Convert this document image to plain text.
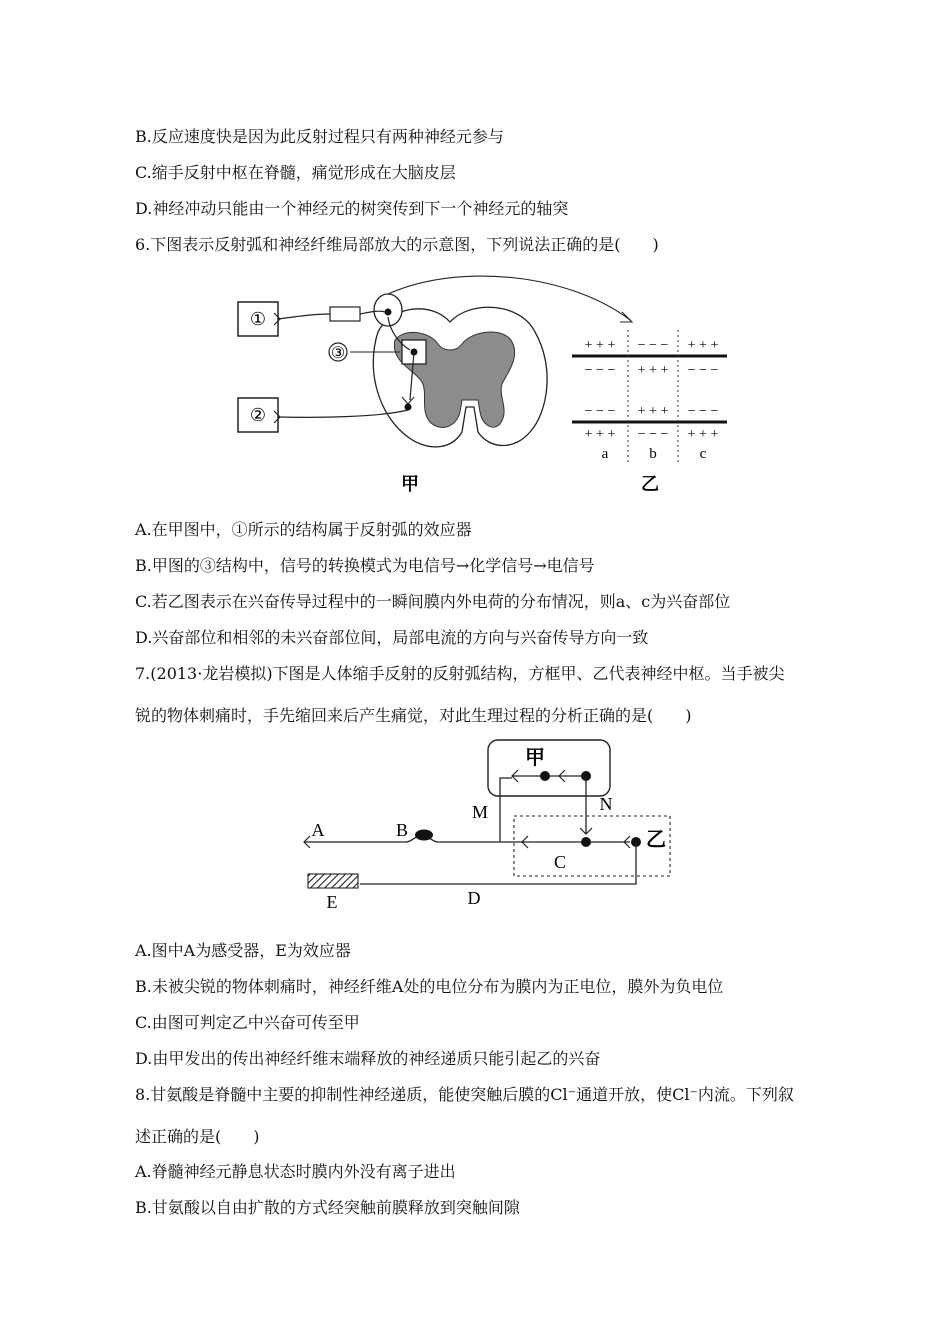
B.反应速度快是因为此反射过程只有两种神经元参与
C.缩手反射中枢在脊髓，痛觉形成在大脑皮层
D.神经冲动只能由一个神经元的树突传到下一个神经元的轴突
6.下图表示反射弧和神经纤维局部放大的示意图，下列说法正确的是(　　)
①
②
③	+ + + − − − + + +
− − − + + + − − −
− − − + + + − − −
+ + + − − − + + +
a	b	c
甲	乙
A.在甲图中，①所示的结构属于反射弧的效应器
B.甲图的③结构中，信号的转换模式为电信号→化学信号→电信号
C.若乙图表示在兴奋传导过程中的一瞬间膜内外电荷的分布情况，则a、c为兴奋部位
D.兴奋部位和相邻的未兴奋部位间，局部电流的方向与兴奋传导方向一致
7.(2013·龙岩模拟)下图是人体缩手反射的反射弧结构，方框甲、乙代表神经中枢。当手被尖
锐的物体刺痛时，手先缩回来后产生痛觉，对此生理过程的分析正确的是(　　)
甲
乙
A	B
M	N
C
D
E
A.图中A为感受器，E为效应器
B.未被尖锐的物体刺痛时，神经纤维A处的电位分布为膜内为正电位，膜外为负电位
C.由图可判定乙中兴奋可传至甲
D.由甲发出的传出神经纤维末端释放的神经递质只能引起乙的兴奋
8.甘氨酸是脊髓中主要的抑制性神经递质，能使突触后膜的Cl⁻通道开放，使Cl⁻内流。下列叙
述正确的是(　　)
A.脊髓神经元静息状态时膜内外没有离子进出
B.甘氨酸以自由扩散的方式经突触前膜释放到突触间隙
